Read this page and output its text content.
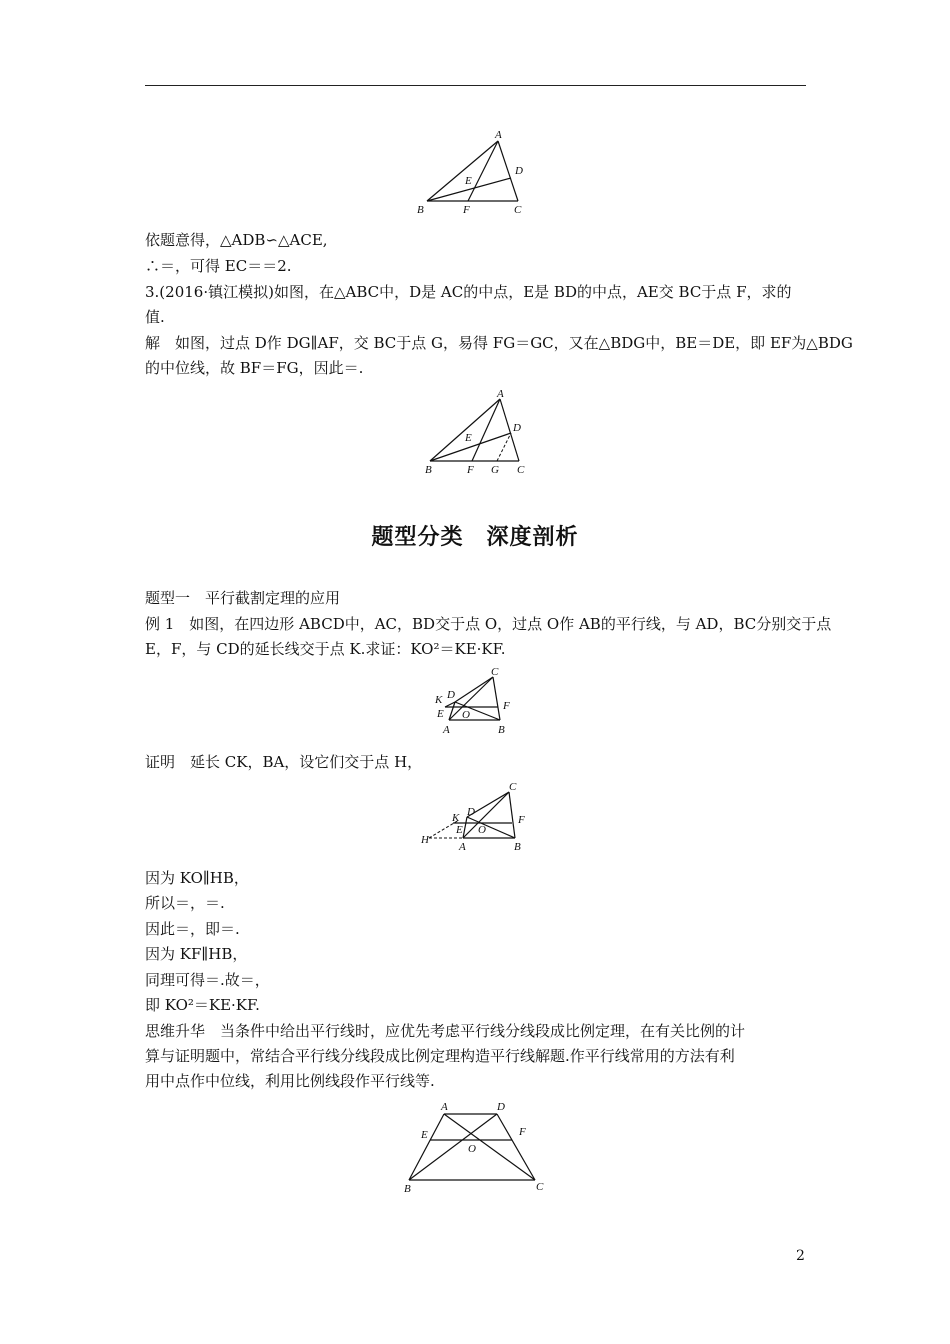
A
B	C
D
E
F
依题意得，△ADB∽△ACE,
∴＝，可得 EC＝＝2.
3.(2016·镇江模拟)如图，在△ABC中，D是 AC的中点，E是 BD的中点，AE交 BC于点 F，求的
值.
解　如图，过点 D作 DG∥AF，交 BC于点 G，易得 FG＝GC，又在△BDG中，BE＝DE，即 EF为△BDG
的中位线，故 BF＝FG，因此＝.
A
B	C
D
E
F G
题型分类　深度剖析
题型一　平行截割定理的应用
例 1　如图，在四边形 ABCD中，AC，BD交于点 O，过点 O作 AB的平行线，与 AD，BC分别交于点
E，F，与 CD的延长线交于点 K.求证：KO²＝KE·KF.
A	B
C
D
E
F
K
O
证明　延长 CK，BA，设它们交于点 H，
A	B
C
D
E
F
K
O
H
因为 KO∥HB，
所以＝，＝.
因此＝，即＝.
因为 KF∥HB，
同理可得＝.故＝，
即 KO²＝KE·KF.
思维升华　当条件中给出平行线时，应优先考虑平行线分线段成比例定理，在有关比例的计
算与证明题中，常结合平行线分线段成比例定理构造平行线解题.作平行线常用的方法有利
用中点作中位线，利用比例线段作平行线等.
A
B	C
D
E	F
O
2
